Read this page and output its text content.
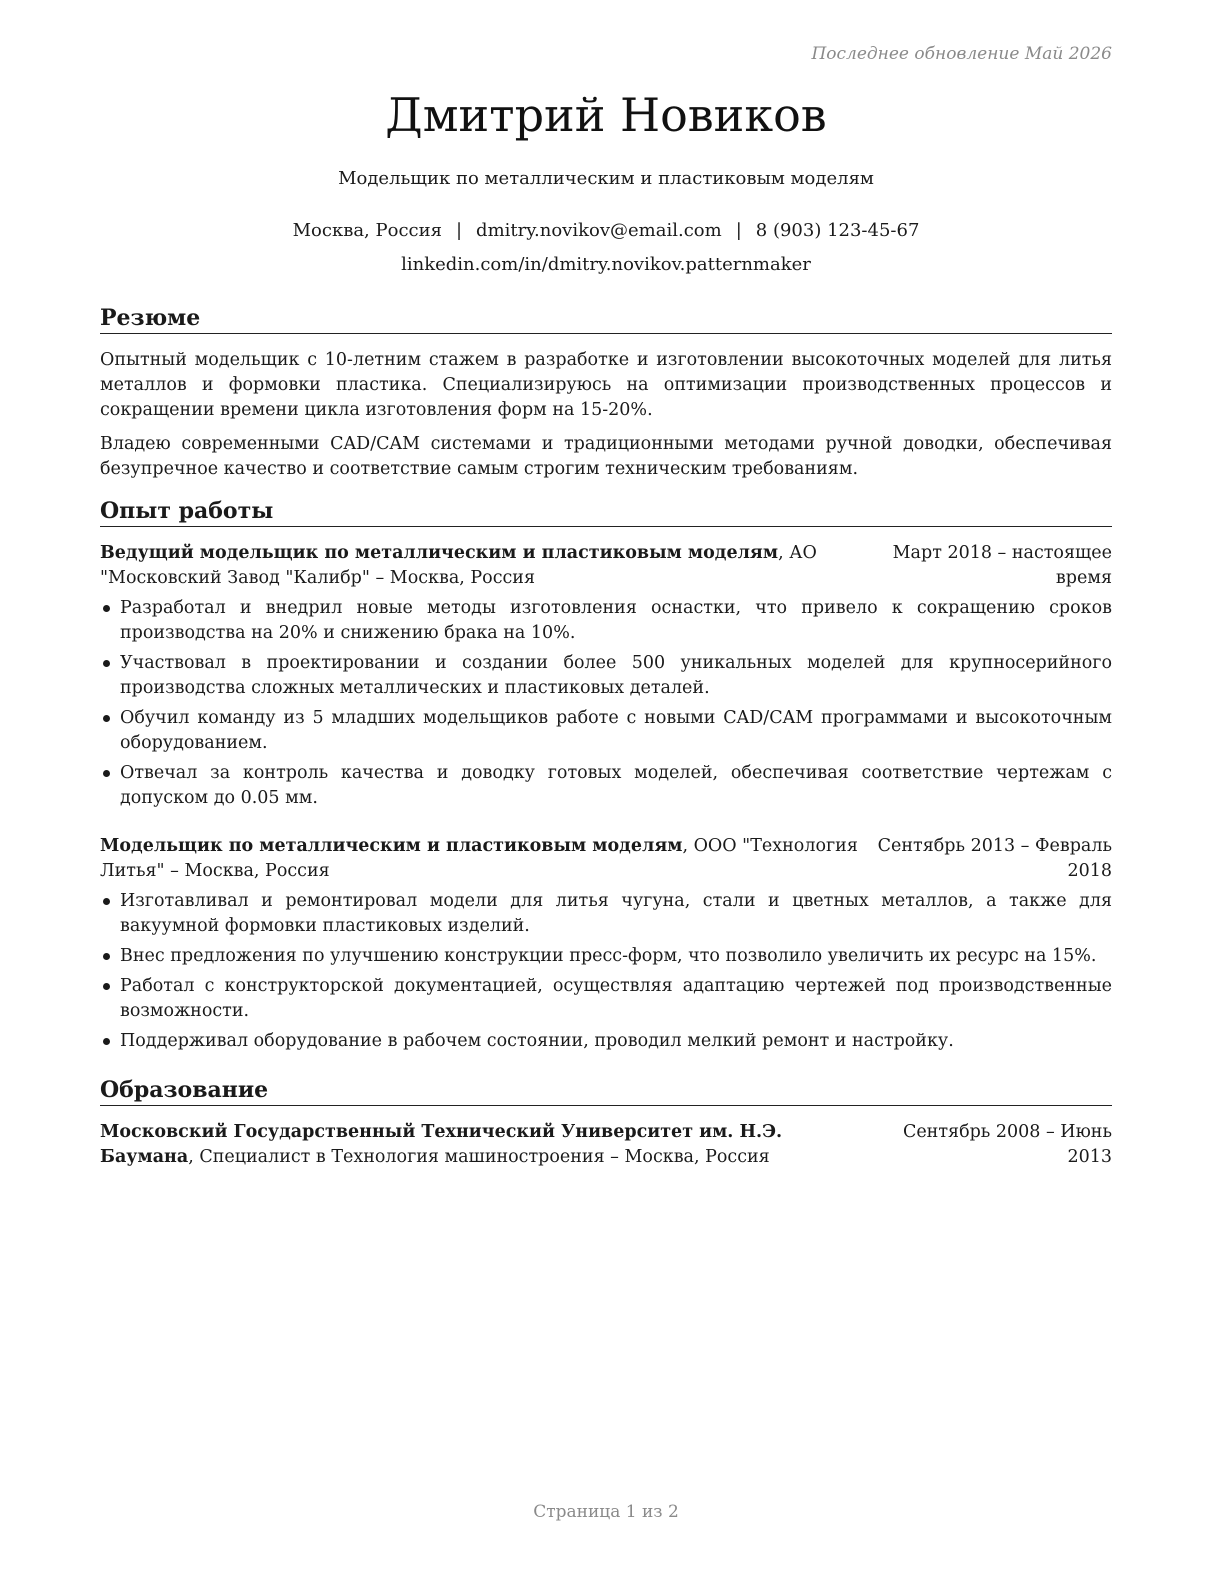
Последнее обновление Май 2026
Дмитрий Новиков
Модельщик по металлическим и пластиковым моделям
Москва, Россия | dmitry.novikov@email.com | 8 (903) 123-45-67
linkedin.com/in/dmitry.novikov.patternmaker
Резюме
Опытный модельщик с 10-летним стажем в разработке и изготовлении высокоточных моделей для литья металлов и формовки пластика. Специализируюсь на оптимизации производственных процессов и сокращении времени цикла изготовления форм на 15-20%.
Владею современными CAD/CAM системами и традиционными методами ручной доводки, обеспечивая безупречное качество и соответствие самым строгим техническим требованиям.
Опыт работы
Ведущий модельщик по металлическим и пластиковым моделям, АО "Московский Завод "Калибр" – Москва, Россия
Март 2018 – настоящее время
Разработал и внедрил новые методы изготовления оснастки, что привело к сокращению сроков производства на 20% и снижению брака на 10%.
Участвовал в проектировании и создании более 500 уникальных моделей для крупносерийного производства сложных металлических и пластиковых деталей.
Обучил команду из 5 младших модельщиков работе с новыми CAD/CAM программами и высокоточным оборудованием.
Отвечал за контроль качества и доводку готовых моделей, обеспечивая соответствие чертежам с допуском до 0.05 мм.
Модельщик по металлическим и пластиковым моделям, ООО "Технология Литья" – Москва, Россия
Сентябрь 2013 – Февраль 2018
Изготавливал и ремонтировал модели для литья чугуна, стали и цветных металлов, а также для вакуумной формовки пластиковых изделий.
Внес предложения по улучшению конструкции пресс-форм, что позволило увеличить их ресурс на 15%.
Работал с конструкторской документацией, осуществляя адаптацию чертежей под производственные возможности.
Поддерживал оборудование в рабочем состоянии, проводил мелкий ремонт и настройку.
Образование
Московский Государственный Технический Университет им. Н.Э. Баумана, Специалист в Технология машиностроения – Москва, Россия
Сентябрь 2008 – Июнь 2013
Страница 1 из 2
